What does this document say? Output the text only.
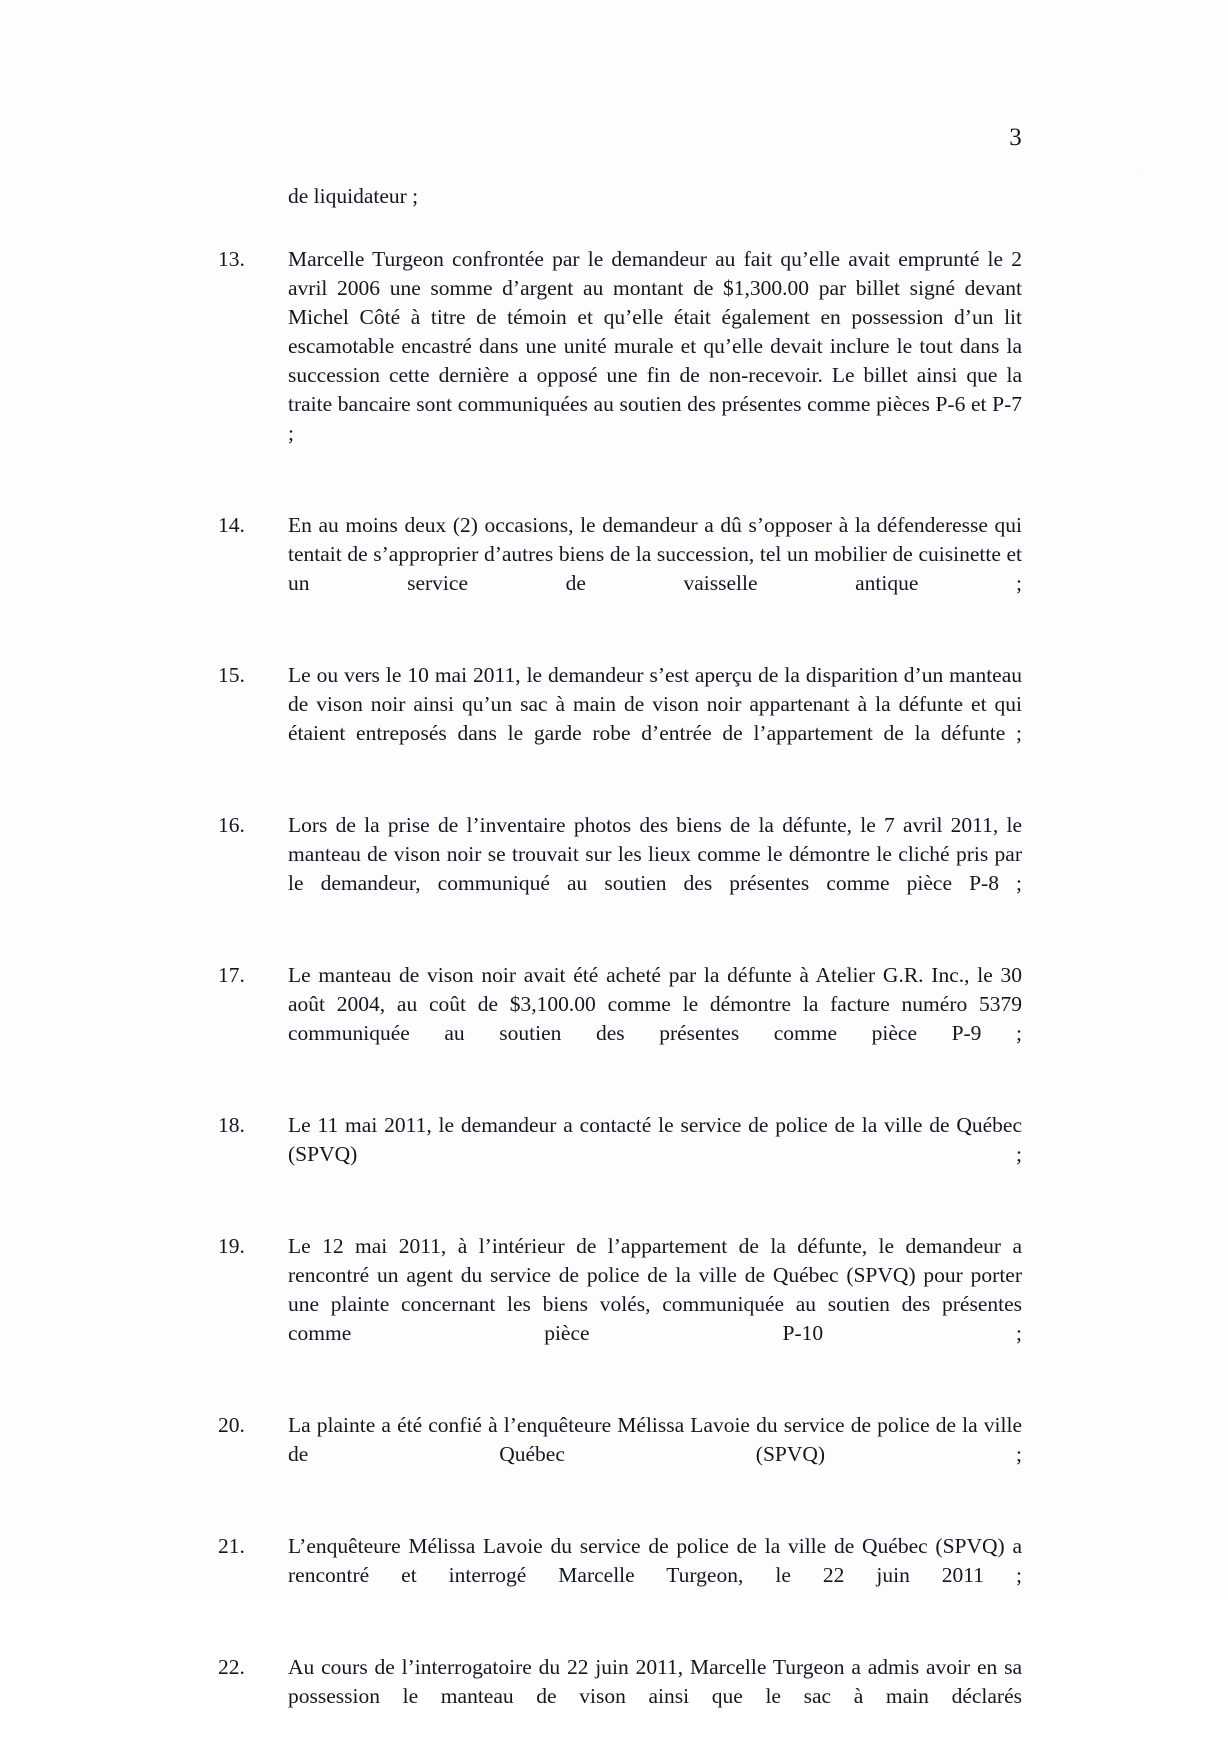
3

de liquidateur ;

13.	Marcelle Turgeon confrontée par le demandeur au fait qu’elle avait emprunté le 2 avril 2006 une somme d’argent au montant de $1,300.00 par billet signé devant Michel Côté à titre de témoin et qu’elle était également en possession d’un lit escamotable encastré dans une unité murale et qu’elle devait inclure le tout dans la succession cette dernière a opposé une fin de non-recevoir. Le billet ainsi que la traite bancaire sont communiquées au soutien des présentes comme pièces P-6 et P-7 ;
14.	En au moins deux (2) occasions, le demandeur a dû s’opposer à la défenderesse qui tentait de s’approprier d’autres biens de la succession, tel un mobilier de cuisinette et un service de vaisselle antique ;
15.	Le ou vers le 10 mai 2011, le demandeur s’est aperçu de la disparition d’un manteau de vison noir ainsi qu’un sac à main de vison noir appartenant à la défunte et qui étaient entreposés dans le garde robe d’entrée de l’appartement de la défunte ;
16.	Lors de la prise de l’inventaire photos des biens de la défunte, le 7 avril 2011, le manteau de vison noir se trouvait sur les lieux comme le démontre le cliché pris par le demandeur, communiqué au soutien des présentes comme pièce P-8 ;
17.	Le manteau de vison noir avait été acheté par la défunte à Atelier G.R. Inc., le 30 août 2004, au coût de $3,100.00 comme le démontre la facture numéro 5379 communiquée au soutien des présentes comme pièce P-9 ;
18.	Le 11 mai 2011, le demandeur a contacté le service de police de la ville de Québec (SPVQ) ;
19.	Le 12 mai 2011, à l’intérieur de l’appartement de la défunte, le demandeur a rencontré un agent du service de police de la ville de Québec (SPVQ) pour porter une plainte concernant les biens volés, communiquée au soutien des présentes comme pièce P-10 ;
20.	La plainte a été confié à l’enquêteure Mélissa Lavoie du service de police de la ville de Québec (SPVQ) ;
21.	L’enquêteure Mélissa Lavoie du service de police de la ville de Québec (SPVQ) a rencontré et interrogé Marcelle Turgeon, le 22 juin 2011 ;
22.	Au cours de l’interrogatoire du 22 juin 2011, Marcelle Turgeon a admis avoir en sa possession le manteau de vison ainsi que le sac à main déclarés
